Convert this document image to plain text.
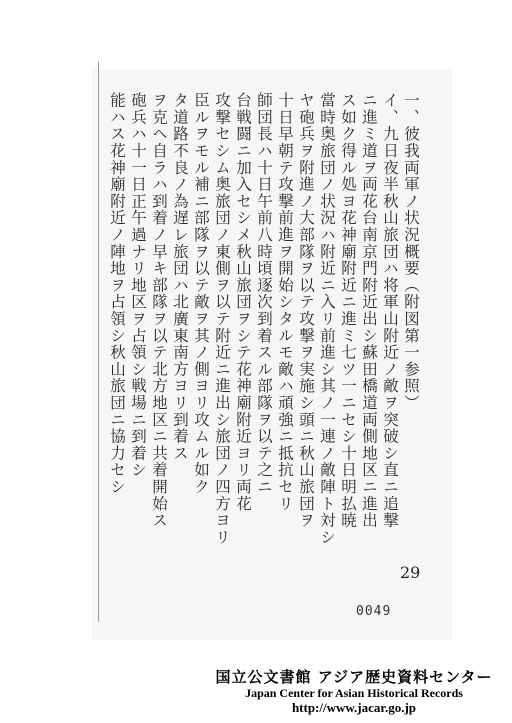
一、彼我両軍ノ状況概要（附図第一参照）
イ、九日夜半秋山旅団ハ将軍山附近ノ敵ヲ突破シ直ニ追撃
ニ進ミ道ヲ両花台南京門附近出シ蘇田橋道両側地区ニ進出
ス如ク得ル処ヨ花神廟附近ニ進ミ七ツ一ニセシ十日明払暁
當時奥旅団ノ状況ハ附近ニ入リ前進シ其ノ一連ノ敵陣ト対シ
ヤ砲兵ヲ附進ノ大部隊ヲ以テ攻撃ヲ実施シ頭ニ秋山旅団ヲ
十日早朝テ攻撃前進ヲ開始シタルモ敵ハ頑強ニ抵抗セリ
師団長ハ十日午前八時頃逐次到着スル部隊ヲ以テ之ニ
台戦闘ニ加入セシメ秋山旅団ヲシテ花神廟附近ヨリ両花
攻撃セシム奥旅団ノ東側ヲ以テ附近ニ進出シ旅団ノ四方ヨリ
臣ルヲモル補ニ部隊ヲ以テ敵ヲ其ノ側ヨリ攻ムル如ク
タ道路不良ノ為遅レ旅団ハ北廣東南方ヨリ到着ス
ヲ克ヘ自ラハ到着ノ早キ部隊ヲ以テ北方地区ニ共着開始ス
砲兵ハ十一日正午過ナリ地区ヲ占領シ戦場ニ到着シ
能ハス花神廟附近ノ陣地ヲ占領シ秋山旅団ニ協力セシ
29
0049
国立公文書館 アジア歴史資料センター
Japan Center for Asian Historical Records
http://www.jacar.go.jp
